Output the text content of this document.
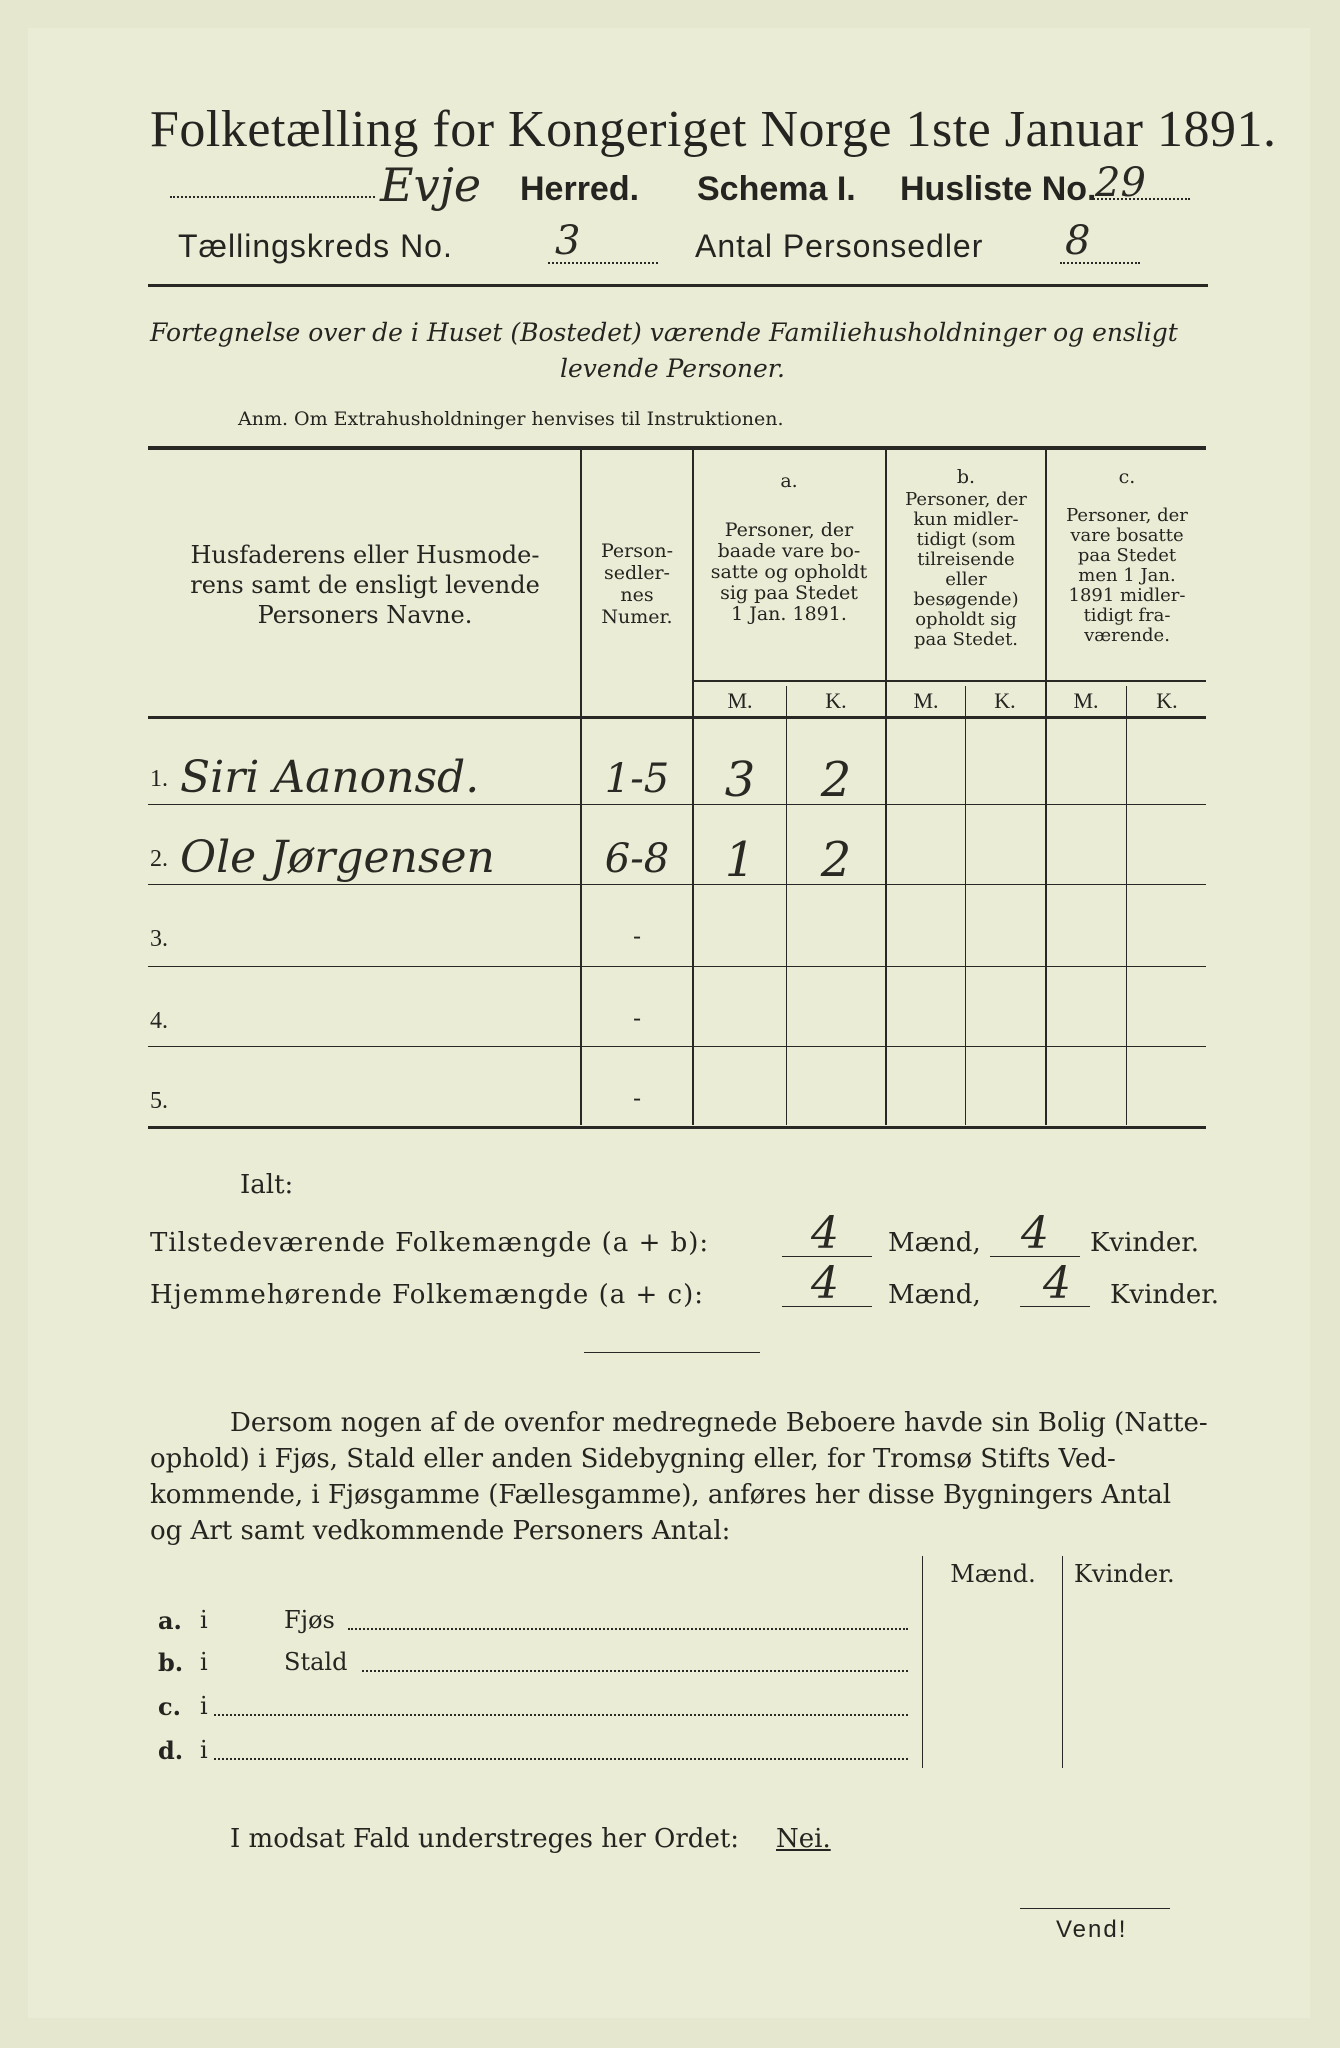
Folketælling for Kongeriget Norge 1ste Januar 1891.
Evje Herred. Schema I. Husliste No.
29
Tællingskreds No.	3	Antal Personsedler 8
Fortegnelse over de i Huset (Bostedet) værende Familiehusholdninger og ensligt
levende Personer.
Anm. Om Extrahusholdninger henvises til Instruktionen.
Husfaderens eller Husmode-
rens samt de ensligt levende
Personers Navne.
Person-
sedler-
nes
Numer.
a.
Personer, der
baade vare bo-
satte og opholdt
sig paa Stedet
1 Jan. 1891.
b.
Personer, der
kun midler-
tidigt (som
tilreisende
eller
besøgende)
opholdt sig
paa Stedet.
c.
Personer, der
vare bosatte
paa Stedet
men 1 Jan.
1891 midler-
tidigt fra-
værende.
M.	K.	M.	K.	M.	K.
1. Siri Aanonsd.	1-5	3	2
2. Ole Jørgensen	6-8	1	2
3.	-
4.	-
5.	-
Ialt:
Tilstedeværende Folkemængde (a + b):	4	Mænd, 4	Kvinder.
Hjemmehørende Folkemængde (a + c):	4	Mænd,	4	Kvinder.
Dersom nogen af de ovenfor medregnede Beboere havde sin Bolig (Natte-
ophold) i Fjøs, Stald eller anden Sidebygning eller, for Tromsø Stifts Ved-
kommende, i Fjøsgamme (Fællesgamme), anføres her disse Bygningers Antal
og Art samt vedkommende Personers Antal:
Mænd.	Kvinder.
a. i	Fjøs
b. i	Stald
c. i
d. i
I modsat Fald understreges her Ordet: Nei.
Vend!
